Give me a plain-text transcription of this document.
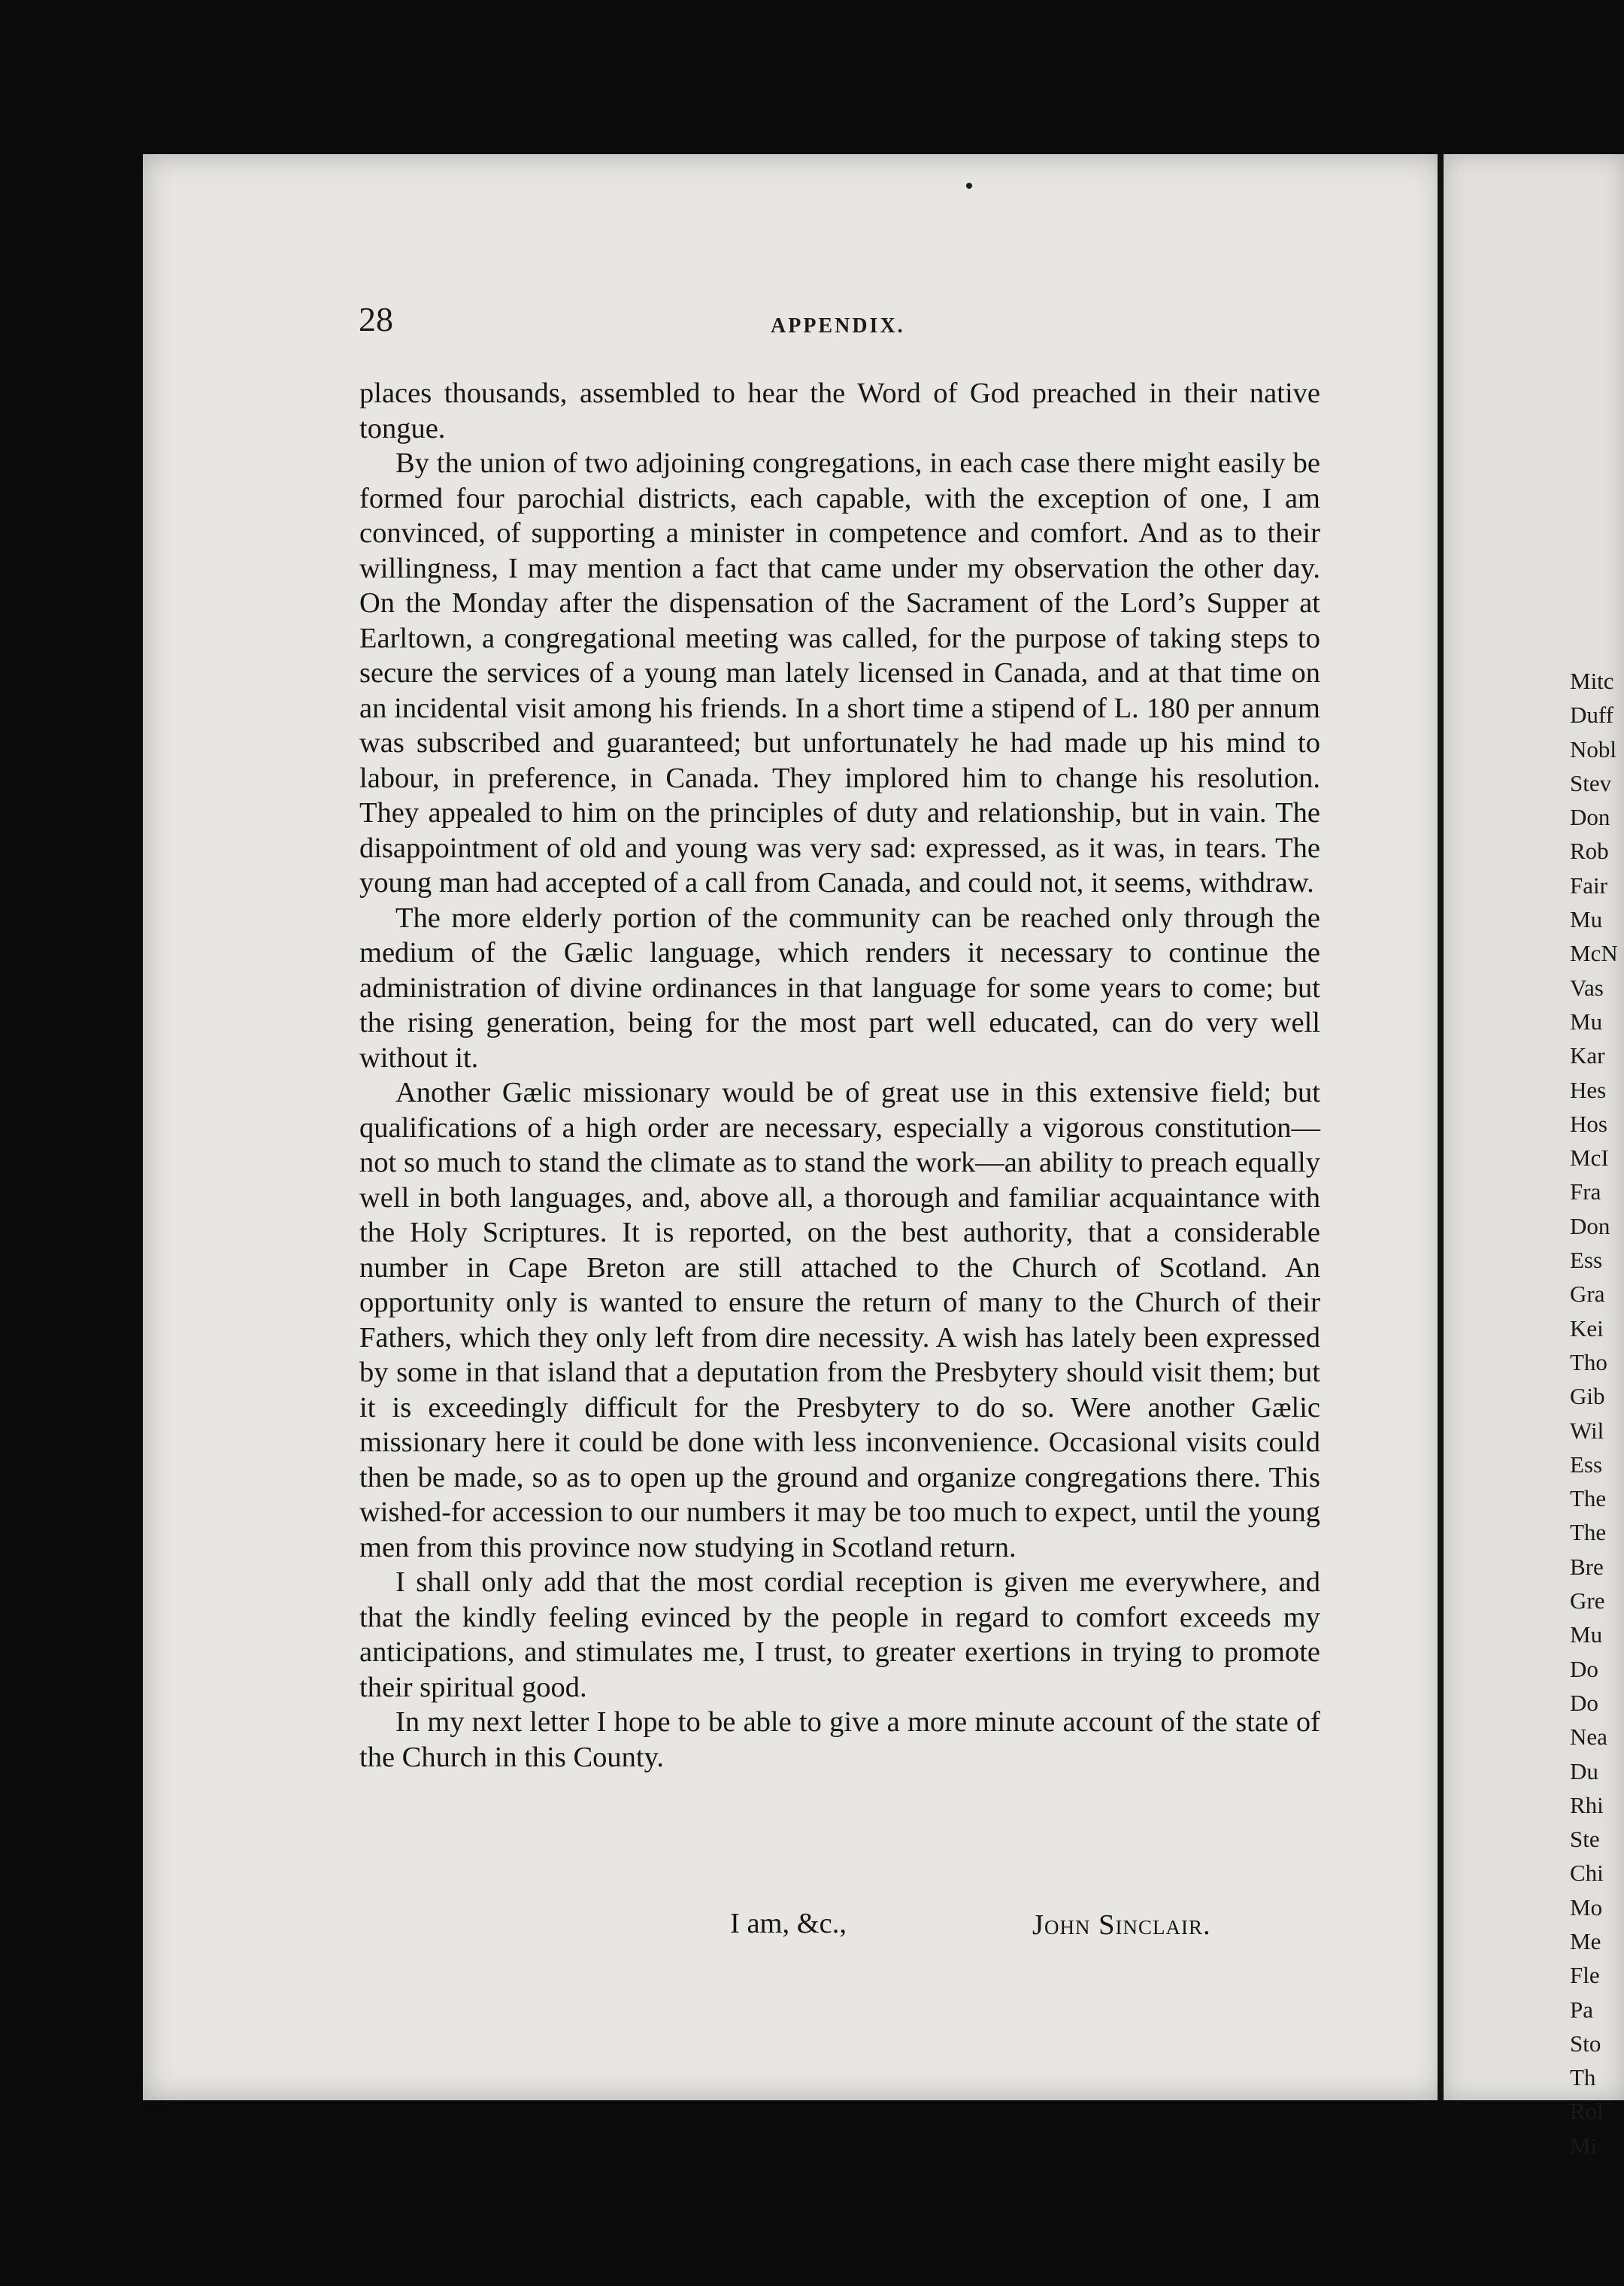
28	APPENDIX.

places thousands, assembled to hear the Word of God preached in their native tongue.

By the union of two adjoining congregations, in each case there might easily be formed four parochial districts, each capable, with the exception of one, I am convinced, of supporting a minister in competence and comfort. And as to their willingness, I may mention a fact that came under my observation the other day. On the Monday after the dispensation of the Sacrament of the Lord’s Supper at Earltown, a congregational meeting was called, for the purpose of taking steps to secure the services of a young man lately licensed in Canada, and at that time on an incidental visit among his friends. In a short time a stipend of L. 180 per annum was subscribed and guaranteed; but unfortunately he had made up his mind to labour, in preference, in Canada. They implored him to change his resolution. They appealed to him on the principles of duty and relationship, but in vain. The disappointment of old and young was very sad: expressed, as it was, in tears. The young man had accepted of a call from Canada, and could not, it seems, withdraw.

The more elderly portion of the community can be reached only through the medium of the Gælic language, which renders it necessary to continue the administration of divine ordinances in that language for some years to come; but the rising generation, being for the most part well educated, can do very well without it.

Another Gælic missionary would be of great use in this extensive field; but qualifications of a high order are necessary, especially a vigorous constitution—not so much to stand the climate as to stand the work—an ability to preach equally well in both languages, and, above all, a thorough and familiar acquaintance with the Holy Scriptures. It is reported, on the best authority, that a considerable number in Cape Breton are still attached to the Church of Scotland. An opportunity only is wanted to ensure the return of many to the Church of their Fathers, which they only left from dire necessity. A wish has lately been expressed by some in that island that a deputation from the Presbytery should visit them; but it is exceedingly difficult for the Presbytery to do so. Were another Gælic missionary here it could be done with less inconvenience. Occasional visits could then be made, so as to open up the ground and organize congregations there. This wished-for accession to our numbers it may be too much to expect, until the young men from this province now studying in Scotland return.

I shall only add that the most cordial reception is given me everywhere, and that the kindly feeling evinced by the people in regard to comfort exceeds my anticipations, and stimulates me, I trust, to greater exertions in trying to promote their spiritual good.

In my next letter I hope to be able to give a more minute account of the state of the Church in this County.

I am, &c.,	John Sinclair.
Mitc
Duff
Nobl
Stev
Don
Rob
Fair
Mu
McN
Vas
Mu
Kar
Hes
Hos
McI
Fra
Don
Ess
Gra
Kei
Tho
Gib
Wil
Ess
The
The
Bre
Gre
Mu
Do
Do
Nea
Du
Rhi
Ste
Chi
Mo
Me
Fle
Pa
Sto
Th
Rol
Mi
